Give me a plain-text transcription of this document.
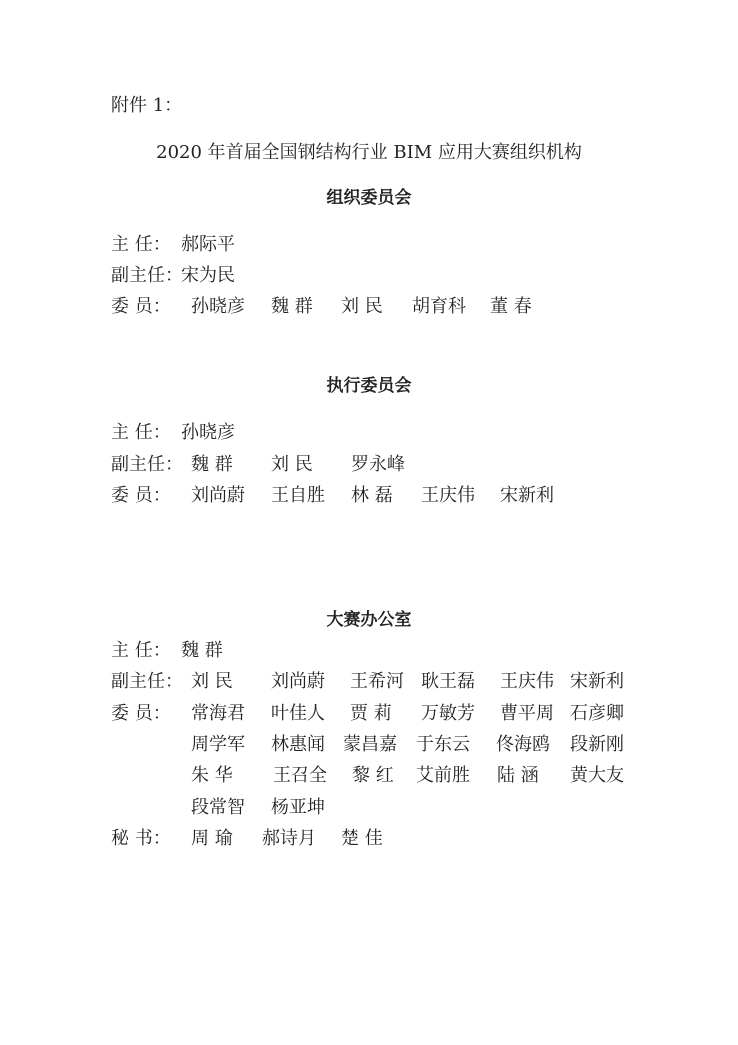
附件 1：
2020 年首届全国钢结构行业 BIM 应用大赛组织机构
组织委员会
主 任： 郝际平
副主任：
宋为民
委 员： 孙晓彦 魏 群 刘 民 胡育科 董 春
执行委员会
主 任： 孙晓彦
副主任： 魏 群 刘 民 罗永峰
委 员： 刘尚蔚 王自胜 林 磊 王庆伟 宋新利
大赛办公室
主 任： 魏 群
副主任： 刘 民 刘尚蔚 王希河 耿王磊 王庆伟 宋新利
委 员： 常海君 叶佳人 贾 莉 万敏芳 曹平周 石彦卿
周学军 林惠闻 蒙昌嘉 于东云 佟海鸥 段新刚
朱 华 王召全 黎 红 艾前胜 陆 涵 黄大友
段常智 杨亚坤
秘 书： 周 瑜 郝诗月 楚 佳
